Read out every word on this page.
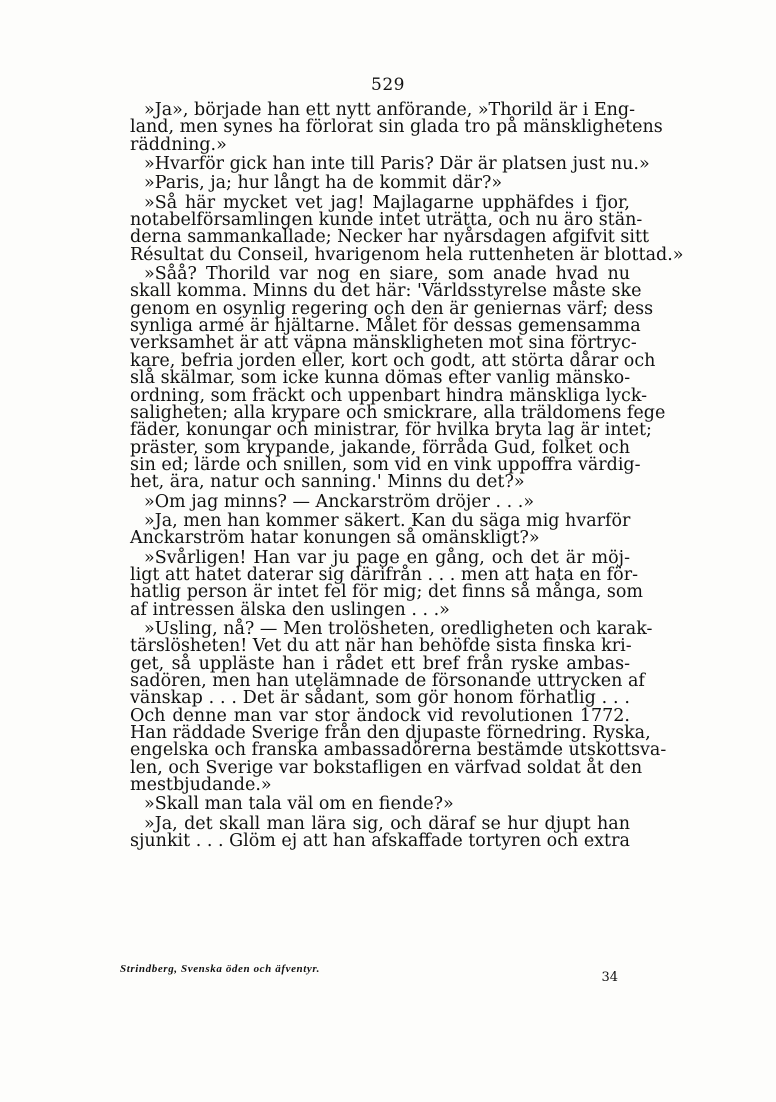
529
»Ja», började han ett nytt anförande, »Thorild är i Eng-
land, men synes ha förlorat sin glada tro på mänsklighetens
räddning.»
»Hvarför gick han inte till Paris? Där är platsen just nu.»
»Paris, ja; hur långt ha de kommit där?»
»Så här mycket vet jag! Majlagarne upphäfdes i fjor,
notabelförsamlingen kunde intet uträtta, och nu äro stän-
derna sammankallade; Necker har nyårsdagen afgifvit sitt
Résultat du Conseil, hvarigenom hela ruttenheten är blottad.»
»Såå? Thorild var nog en siare, som anade hvad nu
skall komma. Minns du det här: 'Världsstyrelse måste ske
genom en osynlig regering och den är geniernas värf; dess
synliga armé är hjältarne. Målet för dessas gemensamma
verksamhet är att väpna mänskligheten mot sina förtryc-
kare, befria jorden eller, kort och godt, att störta dårar och
slå skälmar, som icke kunna dömas efter vanlig mänsko-
ordning, som fräckt och uppenbart hindra mänskliga lyck-
saligheten; alla krypare och smickrare, alla träldomens fege
fäder, konungar och ministrar, för hvilka bryta lag är intet;
präster, som krypande, jakande, förråda Gud, folket och
sin ed; lärde och snillen, som vid en vink uppoffra värdig-
het, ära, natur och sanning.' Minns du det?»
»Om jag minns? — Anckarström dröjer . . .»
»Ja, men han kommer säkert. Kan du säga mig hvarför
Anckarström hatar konungen så omänskligt?»
»Svårligen! Han var ju page en gång, och det är möj-
ligt att hatet daterar sig därifrån . . . men att hata en för-
hatlig person är intet fel för mig; det finns så många, som
af intressen älska den uslingen . . .»
»Usling, nå? — Men trolösheten, oredligheten och karak-
tärslösheten! Vet du att när han behöfde sista finska kri-
get, så uppläste han i rådet ett bref från ryske ambas-
sadören, men han utelämnade de försonande uttrycken af
vänskap . . . Det är sådant, som gör honom förhatlig . . .
Och denne man var stor ändock vid revolutionen 1772.
Han räddade Sverige från den djupaste förnedring. Ryska,
engelska och franska ambassadörerna bestämde utskottsva-
len, och Sverige var bokstafligen en värfvad soldat åt den
mestbjudande.»
»Skall man tala väl om en fiende?»
»Ja, det skall man lära sig, och däraf se hur djupt han
sjunkit . . . Glöm ej att han afskaffade tortyren och extra
Strindberg, Svenska öden och äfventyr.
34
